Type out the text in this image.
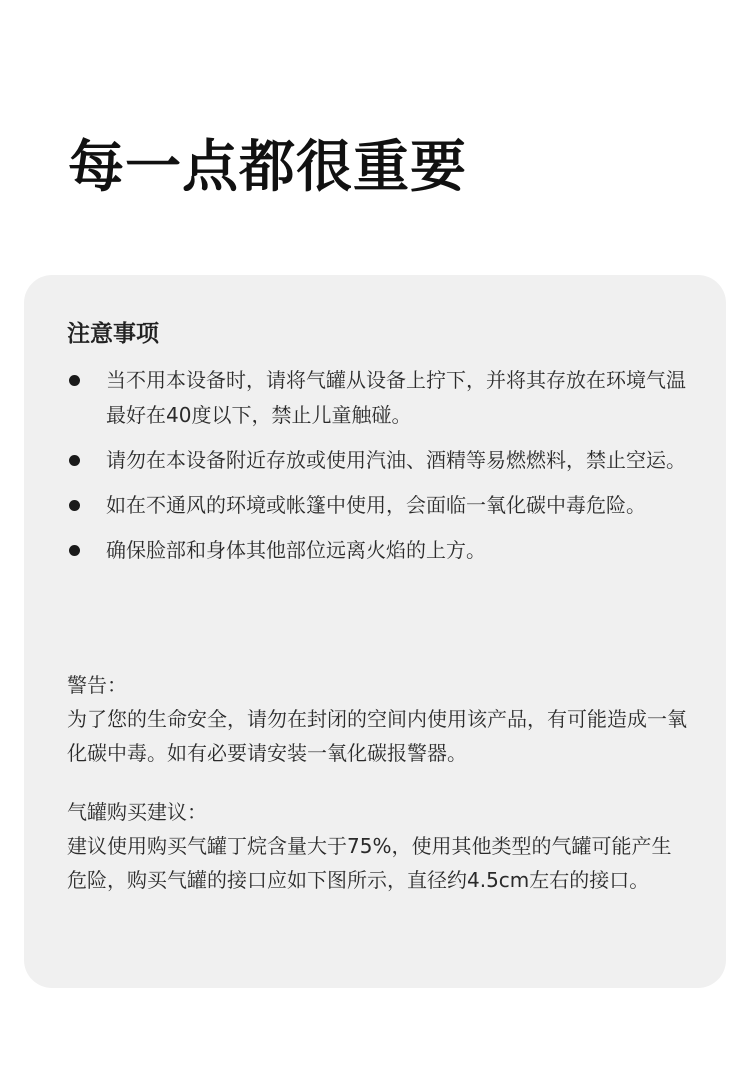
每一点都很重要
注意事项
当不用本设备时，请将气罐从设备上拧下，并将其存放在环境气温最好在40度以下，禁止儿童触碰。
请勿在本设备附近存放或使用汽油、酒精等易燃燃料，禁止空运。
如在不通风的环境或帐篷中使用，会面临一氧化碳中毒危险。
确保脸部和身体其他部位远离火焰的上方。
警告：
为了您的生命安全，请勿在封闭的空间内使用该产品，有可能造成一氧化碳中毒。如有必要请安装一氧化碳报警器。
气罐购买建议：
建议使用购买气罐丁烷含量大于75%，使用其他类型的气罐可能产生危险，购买气罐的接口应如下图所示，直径约4.5cm左右的接口。
